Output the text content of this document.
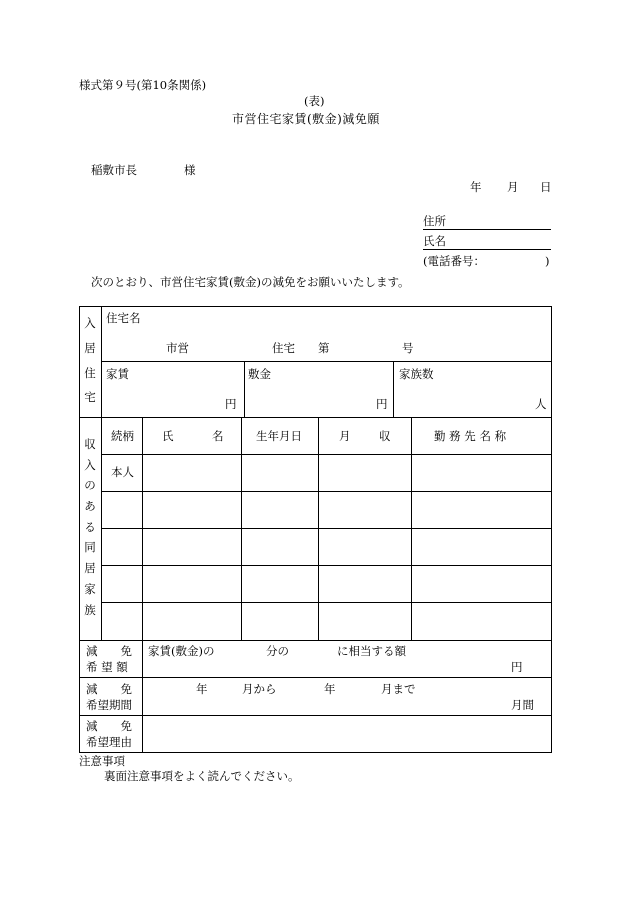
様式第９号(第10条関係)
(表)
市営住宅家賃(敷金)減免願
稲敷市長	様
年 月 日
住所
氏名
(電話番号：	)
次のとおり、市営住宅家賃(敷金)の減免をお願いいたします。
入
居
住
宅
住宅名
市営	住宅 第	号
家賃
円
敷金
円
家族数
人
収
入
の
あ
る
同
居
家
族
続柄 氏	名	生年月日	月 収	勤 務 先 名 称
本人
減　　免
希 望 額
家賃(敷金)の	分の	に相当する額
円
減　　免
希望期間
年	月から	年	月まで
月間
減　　免
希望理由
注意事項
裏面注意事項をよく読んでください。
